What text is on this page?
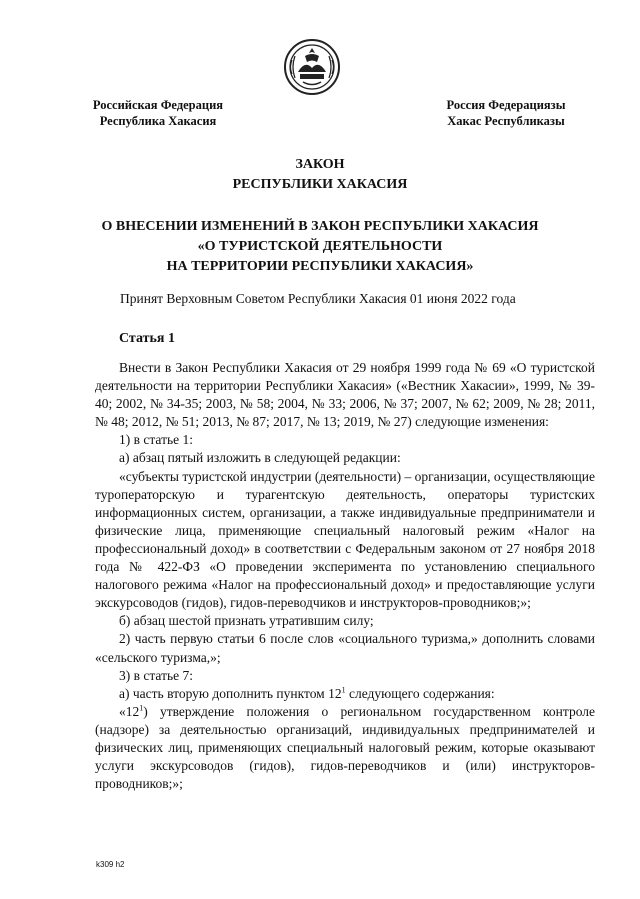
Российская Федерация
Республика Хакасия
Россия Федерациязы
Хакас Республиказы
ЗАКОН
РЕСПУБЛИКИ ХАКАСИЯ
О ВНЕСЕНИИ ИЗМЕНЕНИЙ В ЗАКОН РЕСПУБЛИКИ ХАКАСИЯ
«О ТУРИСТСКОЙ ДЕЯТЕЛЬНОСТИ
НА ТЕРРИТОРИИ РЕСПУБЛИКИ ХАКАСИЯ»
Принят Верховным Советом Республики Хакасия 01 июня 2022 года
Статья 1

Внести в Закон Республики Хакасия от 29 ноября 1999 года № 69 «О туристской деятельности на территории Республики Хакасия» («Вестник Хакасии», 1999, № 39-40; 2002, № 34-35; 2003, № 58; 2004, № 33; 2006, № 37; 2007, № 62; 2009, № 28; 2011, № 48; 2012, № 51; 2013, № 87; 2017, № 13; 2019, № 27) следующие изменения:

1) в статье 1:

а) абзац пятый изложить в следующей редакции:

«субъекты туристской индустрии (деятельности) – организации, осуществляющие туроператорскую и турагентскую деятельность, операторы туристских информационных систем, организации, а также индивидуальные предприниматели и физические лица, применяющие специальный налоговый режим «Налог на профессиональный доход» в соответствии с Федеральным законом от 27 ноября 2018 года № 422-ФЗ «О проведении эксперимента по установлению специального налогового режима «Налог на профессиональный доход» и предоставляющие услуги экскурсоводов (гидов), гидов-переводчиков и инструкторов-проводников;»;

б) абзац шестой признать утратившим силу;

2) часть первую статьи 6 после слов «социального туризма,» дополнить словами «сельского туризма,»;

3) в статье 7:

а) часть вторую дополнить пунктом $12^1$ следующего содержания:

«$12^1$) утверждение положения о региональном государственном контроле (надзоре) за деятельностью организаций, индивидуальных предпринимателей и физических лиц, применяющих специальный налоговый режим, которые оказывают услуги экскурсоводов (гидов), гидов-переводчиков и (или) инструкторов-проводников;»;

k309 h2
